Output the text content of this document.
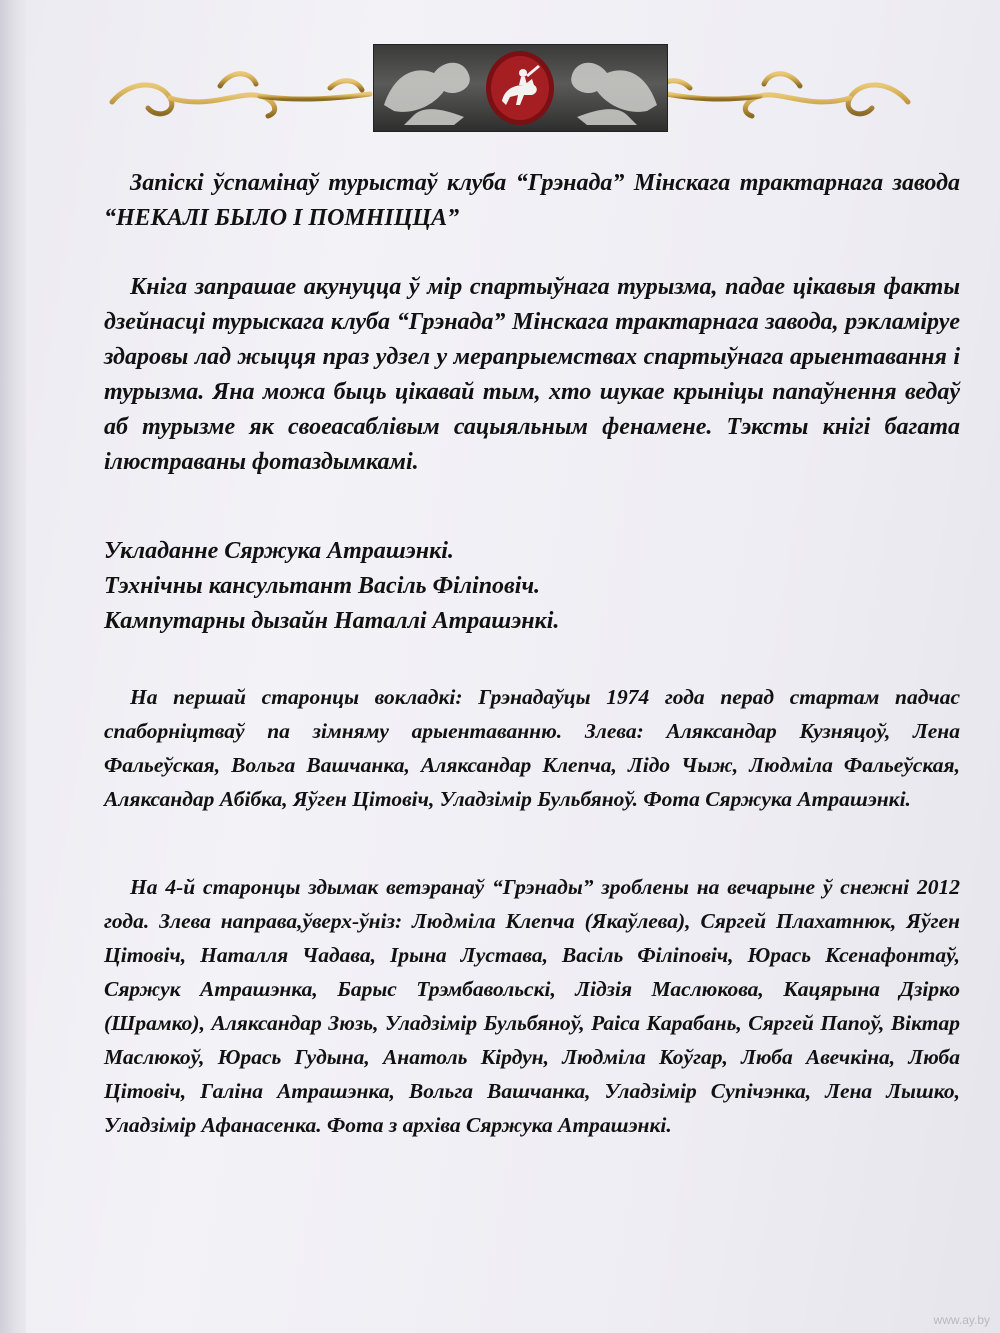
Запіскі ўспамінаў турыстаў клуба “Грэнада” Мінскага трактарнага завода “НЕКАЛІ БЫЛО І ПОМНІЦЦА”

Кніга запрашае акунуцца ў мір спартыўнага турызма, падае цікавыя факты дзейнасці турыскага клуба “Грэнада” Мінскага трактарнага завода, рэкламіруе здаровы лад жыцця праз удзел у мерапрыемствах спартыўнага арыентавання і турызма. Яна можа быць цікавай тым, хто шукае крыніцы папаўнення ведаў аб турызме як своеасаблівым сацыяльным фенамене. Тэксты кнігі багата ілюстраваны фотаздымкамі.

Укладанне Сяржука Атрашэнкі.

Тэхнічны кансультант Васіль Філіповіч.

Кампутарны дызайн Наталлі Атрашэнкі.

На першай старонцы вокладкі: Грэнадаўцы 1974 года перад стартам падчас спаборніцтваў па зімняму арыентаванню. Злева: Аляксандар Кузняцоў, Лена Фальеўская, Вольга Вашчанка, Аляксандар Клепча, Лідо Чыж, Людміла Фальеўская, Аляксандар Абібка, Яўген Цітовіч, Уладзімір Бульбяноў. Фота Сяржука Атрашэнкі.

На 4-й старонцы здымак ветэранаў “Грэнады” зроблены на вечарыне ў снежні 2012 года. Злева направа,ўверх-ўніз: Людміла Клепча (Якаўлева), Сяргей Плахатнюк, Яўген Цітовіч, Наталля Чадава, Ірына Лустава, Васіль Філіповіч, Юрась Ксенафонтаў, Сяржук Атрашэнка, Барыс Трэмбавольскі, Лідзія Маслюкова, Кацярына Дзірко (Шрамко), Аляксандар Зюзь, Уладзімір Бульбяноў, Раіса Карабань, Сяргей Папоў, Віктар Маслюкоў, Юрась Гудына, Анатоль Кірдун, Людміла Коўгар, Люба Авечкіна, Люба Цітовіч, Галіна Атрашэнка, Вольга Вашчанка, Уладзімір Супічэнка, Лена Лышко, Уладзімір Афанасенка. Фота з архіва Сяржука Атрашэнкі.

www.ay.by
